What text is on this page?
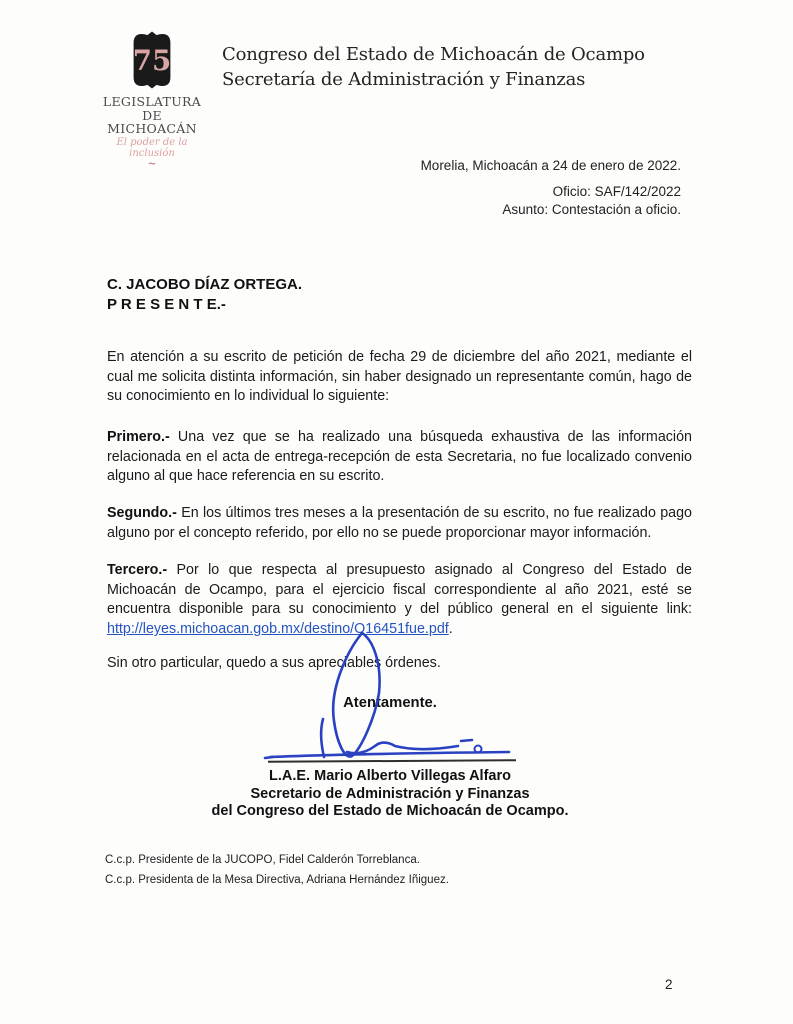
75
LEGISLATURA
DE MICHOACÁN
El poder de la inclusión
~
Congreso del Estado de Michoacán de Ocampo
Secretaría de Administración y Finanzas
Morelia, Michoacán a 24 de enero de 2022.
Oficio: SAF/142/2022
Asunto: Contestación a oficio.
C. JACOBO DÍAZ ORTEGA.
P R E S E N T E.-

En atención a su escrito de petición de fecha 29 de diciembre del año 2021, mediante el cual me solicita distinta información, sin haber designado un representante común, hago de su conocimiento en lo individual lo siguiente:

Primero.- Una vez que se ha realizado una búsqueda exhaustiva de las información relacionada en el acta de entrega-recepción de esta Secretaria, no fue localizado convenio alguno al que hace referencia en su escrito.

Segundo.- En los últimos tres meses a la presentación de su escrito, no fue realizado pago alguno por el concepto referido, por ello no se puede proporcionar mayor información.

Tercero.- Por lo que respecta al presupuesto asignado al Congreso del Estado de Michoacán de Ocampo, para el ejercicio fiscal correspondiente al año 2021, esté se encuentra disponible para su conocimiento y del público general en el siguiente link: http://leyes.michoacan.gob.mx/destino/O16451fue.pdf.

Sin otro particular, quedo a sus apreciables órdenes.

Atentamente.
L.A.E. Mario Alberto Villegas Alfaro
Secretario de Administración y Finanzas
del Congreso del Estado de Michoacán de Ocampo.
C.c.p. Presidente de la JUCOPO, Fidel Calderón Torreblanca.
C.c.p. Presidenta de la Mesa Directiva, Adriana Hernández Iñiguez.
2
